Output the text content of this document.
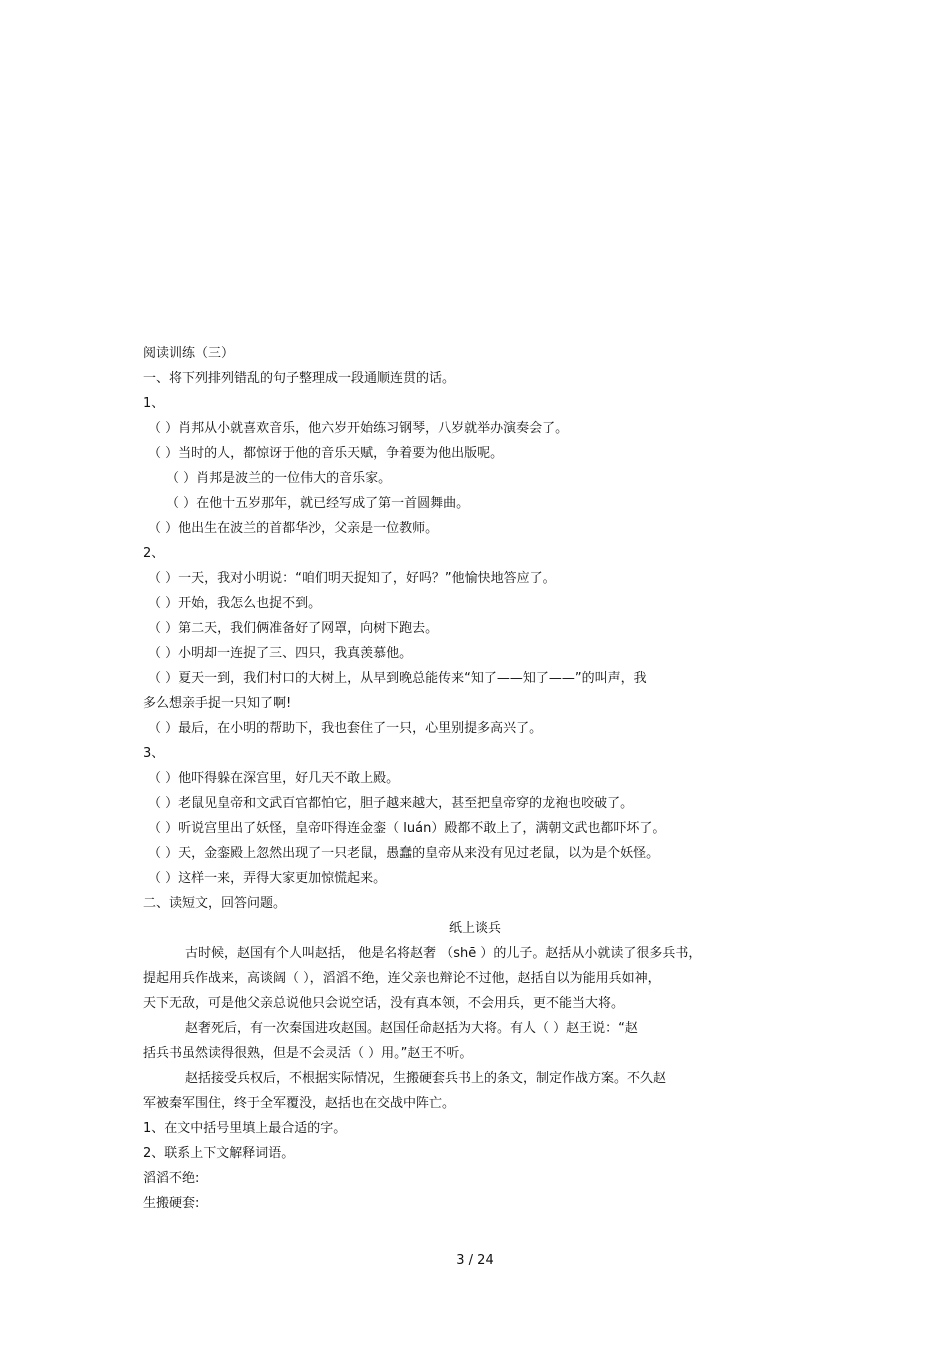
阅读训练（三）
一、将下列排列错乱的句子整理成一段通顺连贯的话。
1、
（ ）肖邦从小就喜欢音乐，他六岁开始练习钢琴，八岁就举办演奏会了。
（ ）当时的人，都惊讶于他的音乐天赋，争着要为他出版呢。
（ ）肖邦是波兰的一位伟大的音乐家。
（ ）在他十五岁那年，就已经写成了第一首圆舞曲。
（ ）他出生在波兰的首都华沙，父亲是一位教师。
2、
（ ）一天，我对小明说：“咱们明天捉知了，好吗？”他愉快地答应了。
（ ）开始，我怎么也捉不到。
（ ）第二天，我们俩准备好了网罩，向树下跑去。
（ ）小明却一连捉了三、四只，我真羡慕他。
（ ）夏天一到，我们村口的大树上，从早到晚总能传来“知了——知了——”的叫声，我
多么想亲手捉一只知了啊!
（ ）最后，在小明的帮助下，我也套住了一只，心里别提多高兴了。
3、
（ ）他吓得躲在深宫里，好几天不敢上殿。
（ ）老鼠见皇帝和文武百官都怕它，胆子越来越大，甚至把皇帝穿的龙袍也咬破了。
（ ）听说宫里出了妖怪，皇帝吓得连金銮（ luán）殿都不敢上了，满朝文武也都吓坏了。
（ ）天，金銮殿上忽然出现了一只老鼠，愚蠢的皇帝从来没有见过老鼠，以为是个妖怪。
（ ）这样一来，弄得大家更加惊慌起来。
二、读短文，回答问题。
纸上谈兵
古时候，赵国有个人叫赵括， 他是名将赵奢 （shē ）的儿子。赵括从小就读了很多兵书，
提起用兵作战来，高谈阔（ ），滔滔不绝，连父亲也辩论不过他，赵括自以为能用兵如神，
天下无敌，可是他父亲总说他只会说空话，没有真本领，不会用兵，更不能当大将。
赵奢死后，有一次秦国进攻赵国。赵国任命赵括为大将。有人（ ）赵王说：“赵
括兵书虽然读得很熟，但是不会灵活（ ）用。”赵王不听。
赵括接受兵权后，不根据实际情况，生搬硬套兵书上的条文，制定作战方案。不久赵
军被秦军围住，终于全军覆没，赵括也在交战中阵亡。
1、在文中括号里填上最合适的字。
2、联系上下文解释词语。
滔滔不绝:
生搬硬套:
3 / 24
